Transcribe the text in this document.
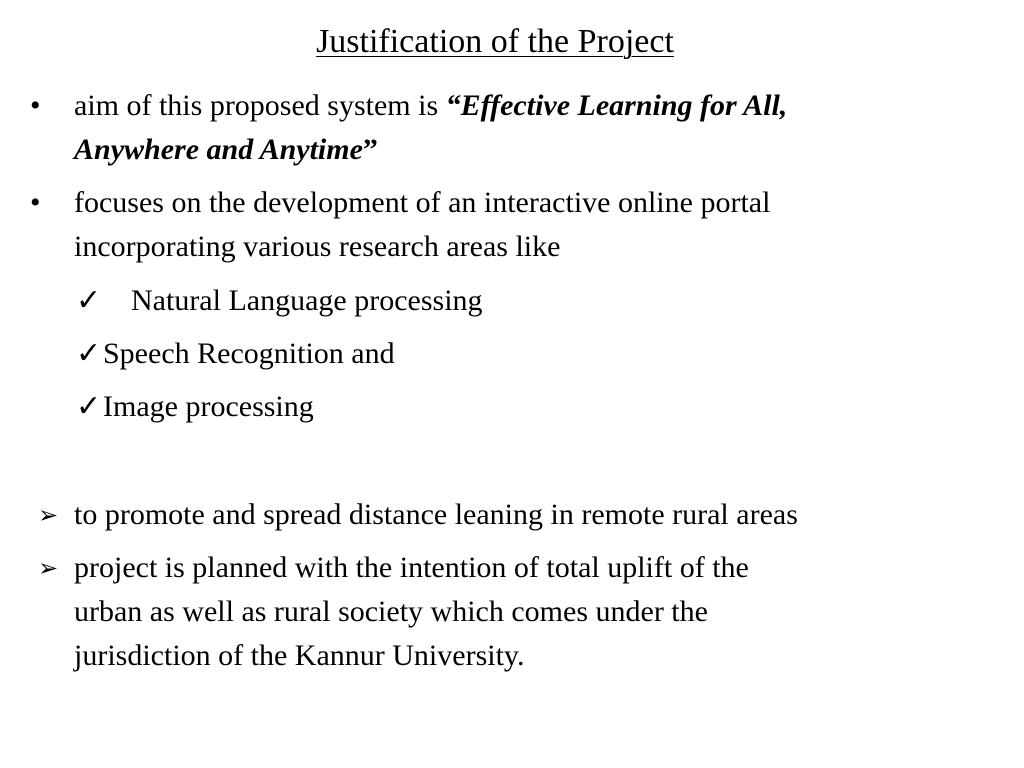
Justification of the Project
• aim of this proposed system is “Effective Learning for All,
Anywhere and Anytime”
• focuses on the development of an interactive online portal
incorporating various research areas like
✓ Natural Language processing
✓ Speech Recognition and
✓ Image processing
➢ to promote and spread distance leaning in remote rural areas
➢ project is planned with the intention of total uplift of the
urban as well as rural society which comes under the
jurisdiction of the Kannur University.
